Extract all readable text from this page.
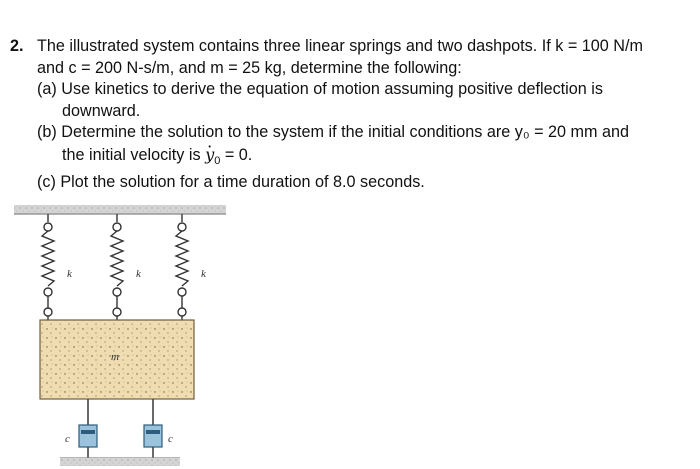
2. The illustrated system contains three linear springs and two dashpots. If k = 100 N/m
and c = 200 N-s/m, and m = 25 kg, determine the following:
(a) Use kinetics to derive the equation of motion assuming positive deflection is
downward.
(b) Determine the solution to the system if the initial conditions are y₀ = 20 mm and
the initial velocity is $y \cdot_0 = 0$.
(c) Plot the solution for a time duration of 8.0 seconds.
k	k	k
m
c	c
